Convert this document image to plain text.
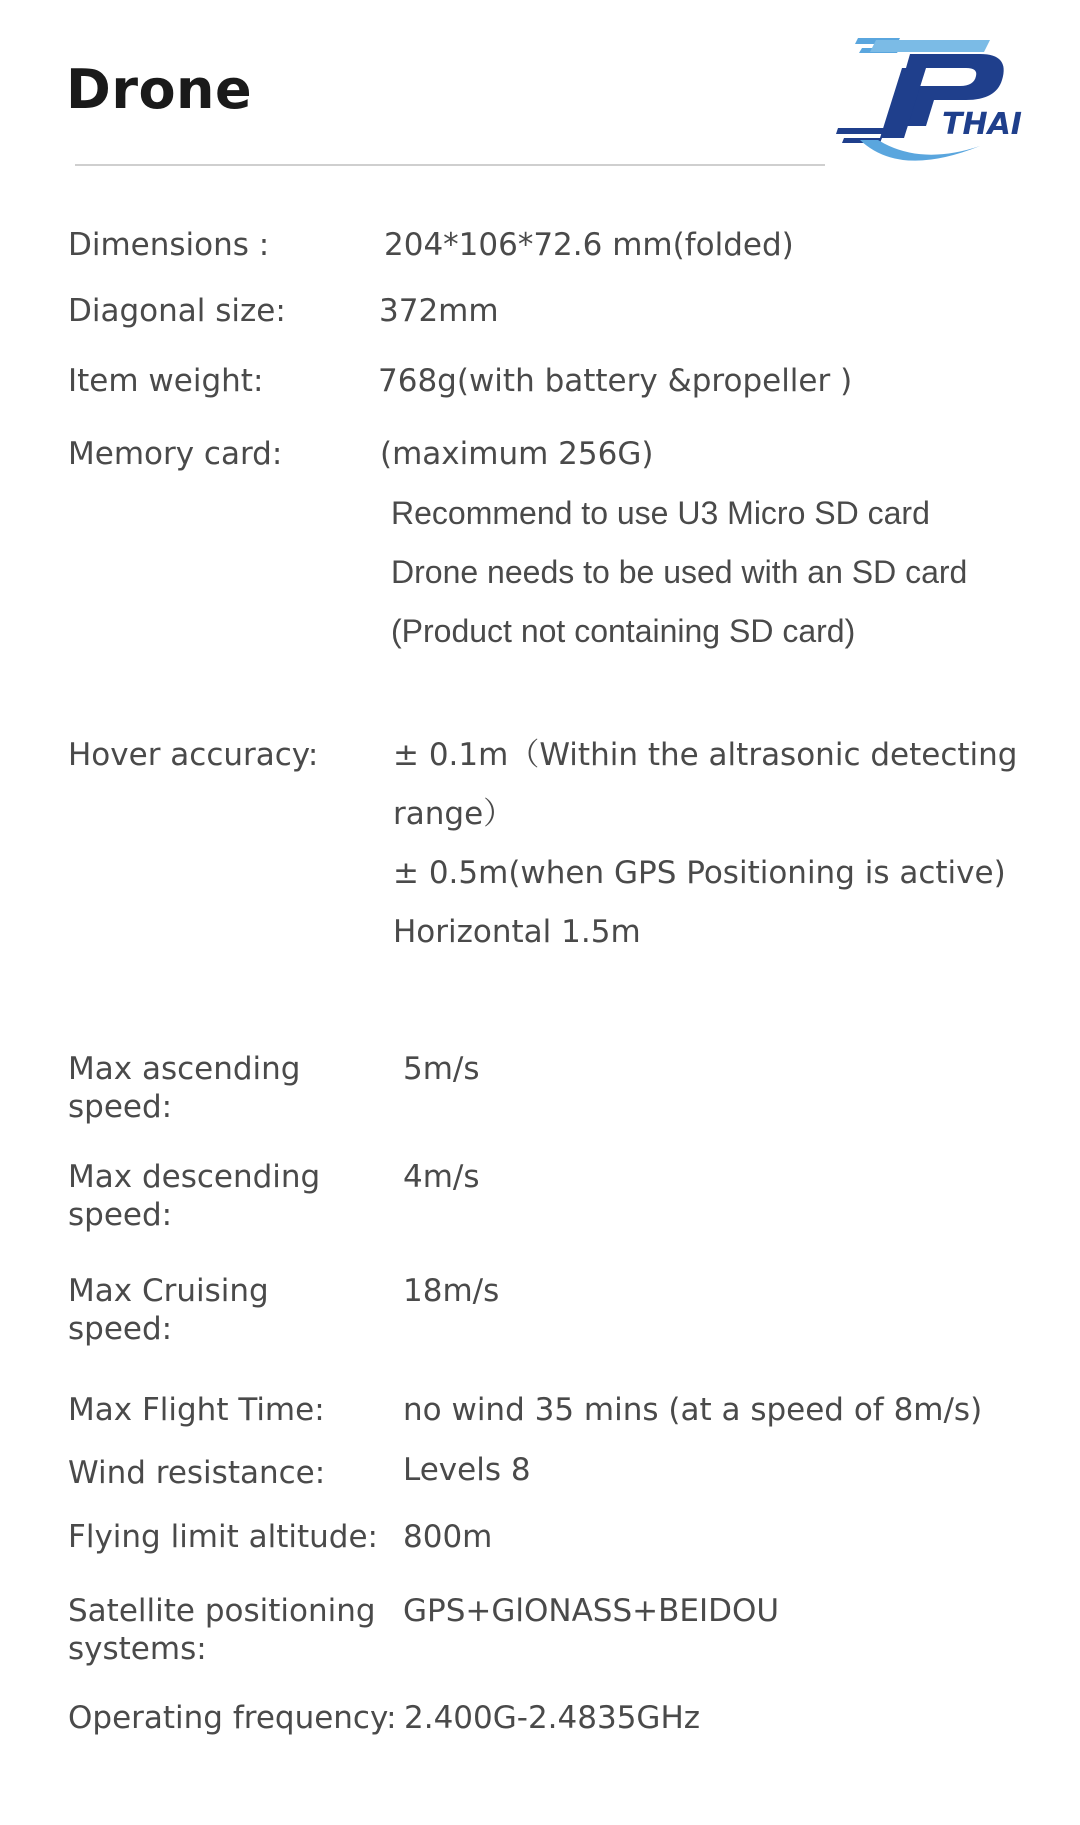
Drone
THAI
Dimensions :	204*106*72.6 mm(folded)
Diagonal size:	372mm
Item weight:	768g(with battery &propeller )
Memory card:	(maximum 256G)
Recommend to use U3 Micro SD card
Drone needs to be used with an SD card
(Product not containing SD card)
Hover accuracy: ± 0.1m（Within the altrasonic detecting
range）
± 0.5m(when GPS Positioning is active)
Horizontal 1.5m
Max ascending
speed:
5m/s
Max descending
speed:
4m/s
Max Cruising
speed:
18m/s
Max Flight Time:	no wind 35 mins (at a speed of 8m/s)
Wind resistance:	Levels 8
Flying limit altitude: 800m
Satellite positioning
systems:
GPS+GlONASS+BEIDOU
Operating frequency: 2.400G-2.4835GHz
